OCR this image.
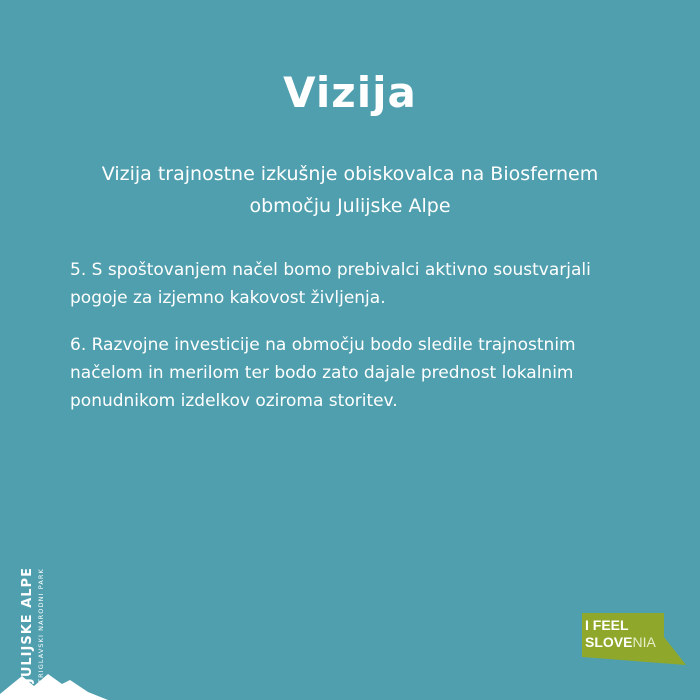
Vizija
Vizija trajnostne izkušnje obiskovalca na Biosfernem območju Julijske Alpe
5. S spoštovanjem načel bomo prebivalci aktivno soustvarjali pogoje za izjemno kakovost življenja.
6. Razvojne investicije na območju bodo sledile trajnostnim načelom in merilom ter bodo zato dajale prednost lokalnim ponudnikom izdelkov oziroma storitev.
JULIJSKE ALPE TRIGLAVSKI NARODNI PARK	I FEEL
SLOVENIA
